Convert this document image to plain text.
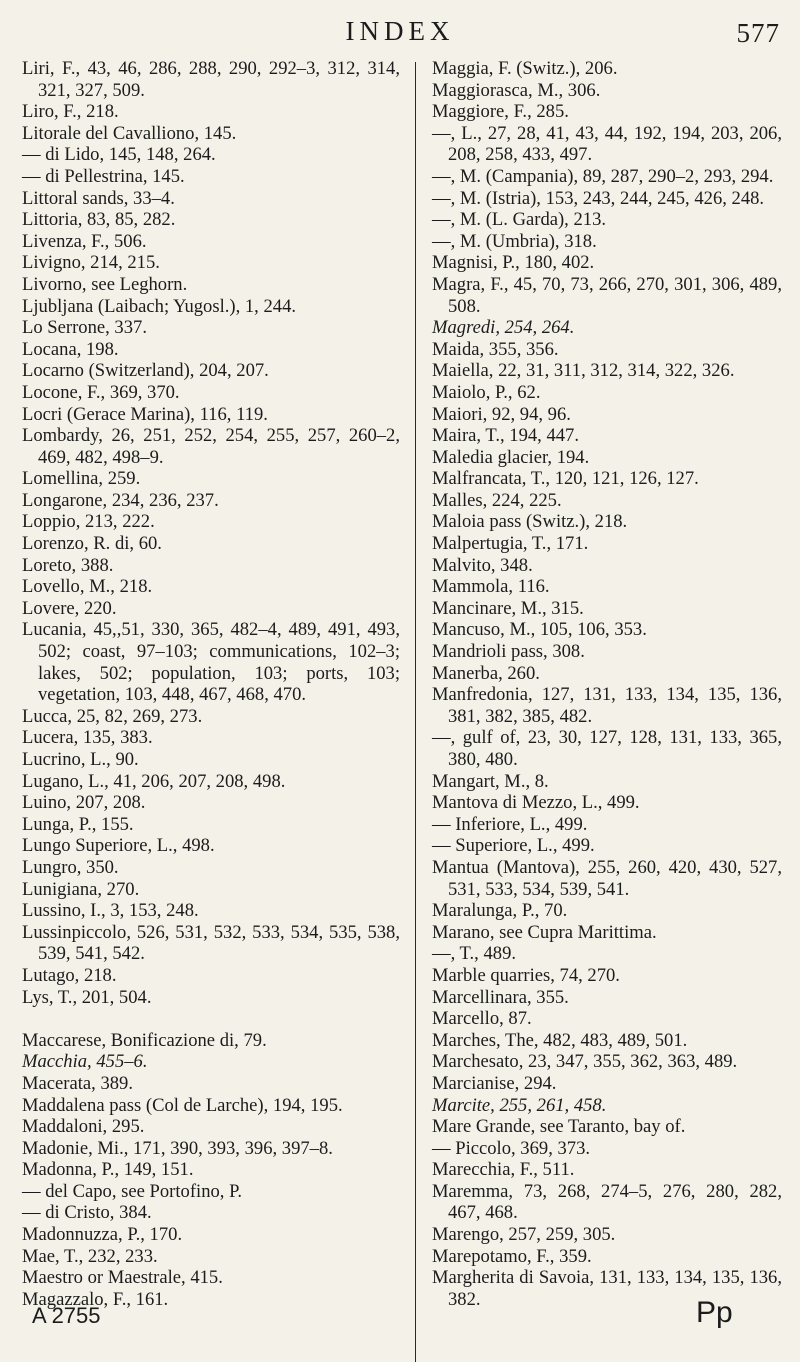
INDEX	577

Liri, F., 43, 46, 286, 288, 290, 292–3, 312, 314, 321, 327, 509.

Liro, F., 218.

Litorale del Cavalliono, 145.

— di Lido, 145, 148, 264.

— di Pellestrina, 145.

Littoral sands, 33–4.

Littoria, 83, 85, 282.

Livenza, F., 506.

Livigno, 214, 215.

Livorno, see Leghorn.

Ljubljana (Laibach; Yugosl.), 1, 244.

Lo Serrone, 337.

Locana, 198.

Locarno (Switzerland), 204, 207.

Locone, F., 369, 370.

Locri (Gerace Marina), 116, 119.

Lombardy, 26, 251, 252, 254, 255, 257, 260–2, 469, 482, 498–9.

Lomellina, 259.

Longarone, 234, 236, 237.

Loppio, 213, 222.

Lorenzo, R. di, 60.

Loreto, 388.

Lovello, M., 218.

Lovere, 220.

Lucania, 45,,51, 330, 365, 482–4, 489, 491, 493, 502; coast, 97–103; communications, 102–3; lakes, 502; population, 103; ports, 103; vegetation, 103, 448, 467, 468, 470.

Lucca, 25, 82, 269, 273.

Lucera, 135, 383.

Lucrino, L., 90.

Lugano, L., 41, 206, 207, 208, 498.

Luino, 207, 208.

Lunga, P., 155.

Lungo Superiore, L., 498.

Lungro, 350.

Lunigiana, 270.

Lussino, I., 3, 153, 248.

Lussinpiccolo, 526, 531, 532, 533, 534, 535, 538, 539, 541, 542.

Lutago, 218.

Lys, T., 201, 504.

Maccarese, Bonificazione di, 79.

Macchia, 455–6.

Macerata, 389.

Maddalena pass (Col de Larche), 194, 195.

Maddaloni, 295.

Madonie, Mi., 171, 390, 393, 396, 397–8.

Madonna, P., 149, 151.

— del Capo, see Portofino, P.

— di Cristo, 384.

Madonnuzza, P., 170.

Mae, T., 232, 233.

Maestro or Maestrale, 415.

Magazzalo, F., 161.

Maggia, F. (Switz.), 206.

Maggiorasca, M., 306.

Maggiore, F., 285.

—, L., 27, 28, 41, 43, 44, 192, 194, 203, 206, 208, 258, 433, 497.

—, M. (Campania), 89, 287, 290–2, 293, 294.

—, M. (Istria), 153, 243, 244, 245, 426, 248.

—, M. (L. Garda), 213.

—, M. (Umbria), 318.

Magnisi, P., 180, 402.

Magra, F., 45, 70, 73, 266, 270, 301, 306, 489, 508.

Magredi, 254, 264.

Maida, 355, 356.

Maiella, 22, 31, 311, 312, 314, 322, 326.

Maiolo, P., 62.

Maiori, 92, 94, 96.

Maira, T., 194, 447.

Maledia glacier, 194.

Malfrancata, T., 120, 121, 126, 127.

Malles, 224, 225.

Maloia pass (Switz.), 218.

Malpertugia, T., 171.

Malvito, 348.

Mammola, 116.

Mancinare, M., 315.

Mancuso, M., 105, 106, 353.

Mandrioli pass, 308.

Manerba, 260.

Manfredonia, 127, 131, 133, 134, 135, 136, 381, 382, 385, 482.

—, gulf of, 23, 30, 127, 128, 131, 133, 365, 380, 480.

Mangart, M., 8.

Mantova di Mezzo, L., 499.

— Inferiore, L., 499.

— Superiore, L., 499.

Mantua (Mantova), 255, 260, 420, 430, 527, 531, 533, 534, 539, 541.

Maralunga, P., 70.

Marano, see Cupra Marittima.

—, T., 489.

Marble quarries, 74, 270.

Marcellinara, 355.

Marcello, 87.

Marches, The, 482, 483, 489, 501.

Marchesato, 23, 347, 355, 362, 363, 489.

Marcianise, 294.

Marcite, 255, 261, 458.

Mare Grande, see Taranto, bay of.

— Piccolo, 369, 373.

Marecchia, F., 511.

Maremma, 73, 268, 274–5, 276, 280, 282, 467, 468.

Marengo, 257, 259, 305.

Marepotamo, F., 359.

Margherita di Savoia, 131, 133, 134, 135, 136, 382.

A 2755	Pp
